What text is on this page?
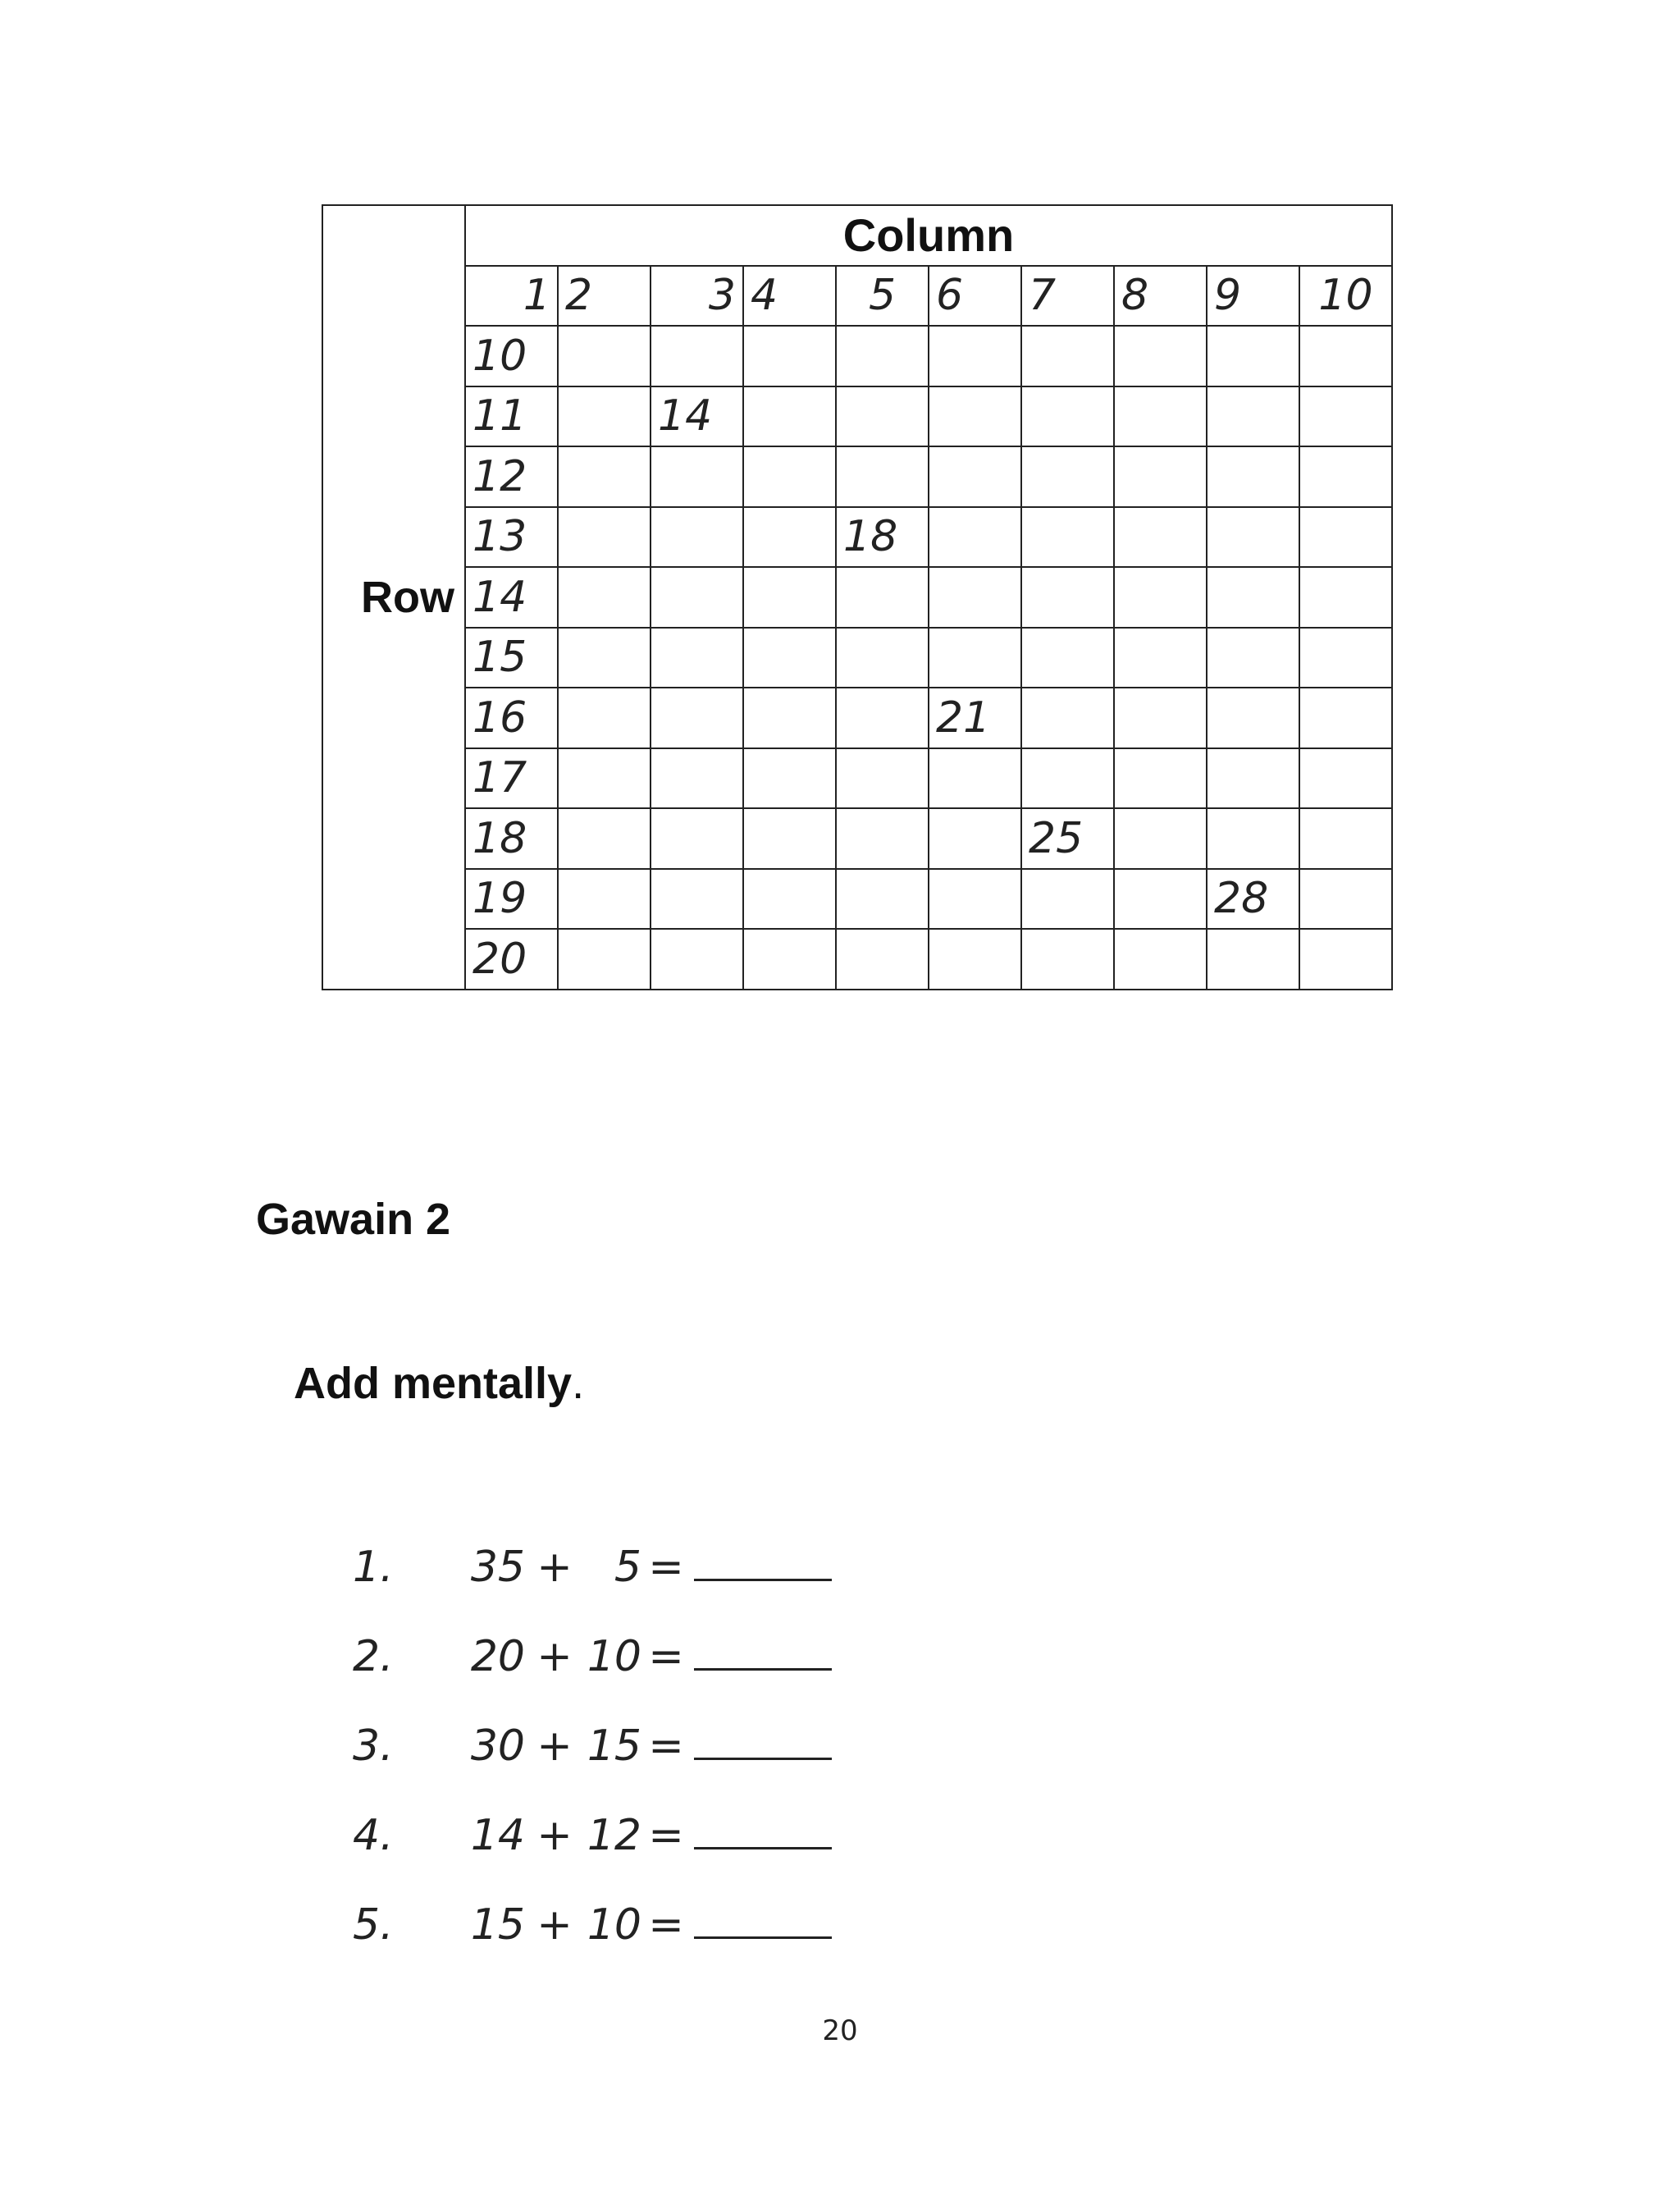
Row	Column									
	1	2	3	4	5	6	7	8	9	10
	10									
	11		14							
	12									
	13				18					
	14									
	15									
	16					21				
	17									
	18						25			
	19								28	
	20									
Gawain 2

Add mentally.

1.	35 + 5 =
2.	20 + 10 =
3.	30 + 15 =
4.	14 + 12 =
5.	15 + 10 =
20
